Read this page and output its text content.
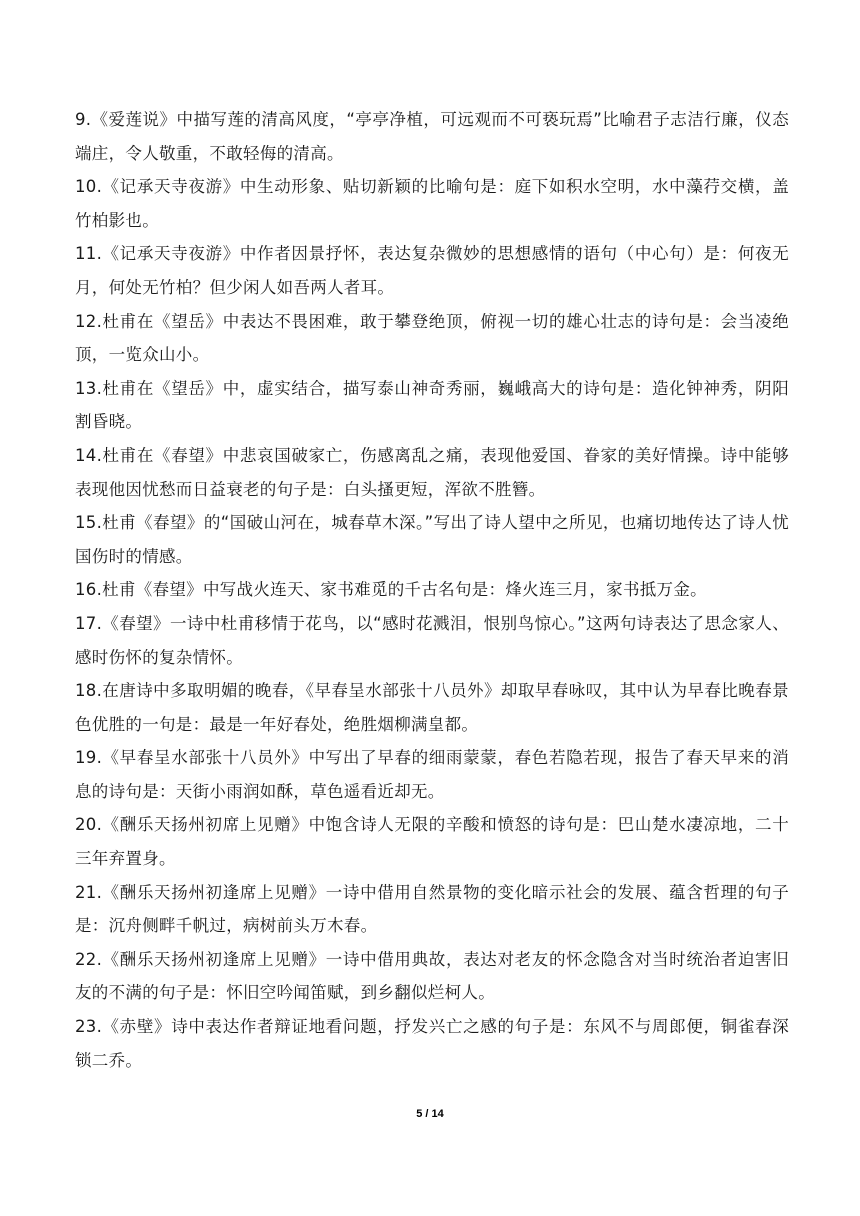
9.《爱莲说》中描写莲的清高风度，“亭亭净植，可远观而不可亵玩焉”比喻君子志洁行廉，仪态端庄，令人敬重，不敢轻侮的清高。

10.《记承天寺夜游》中生动形象、贴切新颖的比喻句是：庭下如积水空明，水中藻荇交横，盖竹柏影也。

11.《记承天寺夜游》中作者因景抒怀，表达复杂微妙的思想感情的语句（中心句）是：何夜无月，何处无竹柏？但少闲人如吾两人者耳。

12.杜甫在《望岳》中表达不畏困难，敢于攀登绝顶，俯视一切的雄心壮志的诗句是：会当凌绝顶，一览众山小。

13.杜甫在《望岳》中，虚实结合，描写泰山神奇秀丽，巍峨高大的诗句是：造化钟神秀，阴阳割昏晓。

14.杜甫在《春望》中悲哀国破家亡，伤感离乱之痛，表现他爱国、眷家的美好情操。诗中能够表现他因忧愁而日益衰老的句子是：白头搔更短，浑欲不胜簪。

15.杜甫《春望》的“国破山河在，城春草木深。”写出了诗人望中之所见，也痛切地传达了诗人忧国伤时的情感。

16.杜甫《春望》中写战火连天、家书难觅的千古名句是：烽火连三月，家书抵万金。

17.《春望》一诗中杜甫移情于花鸟，以“感时花溅泪，恨别鸟惊心。”这两句诗表达了思念家人、感时伤怀的复杂情怀。

18.在唐诗中多取明媚的晚春，《早春呈水部张十八员外》却取早春咏叹，其中认为早春比晚春景色优胜的一句是：最是一年好春处，绝胜烟柳满皇都。

19.《早春呈水部张十八员外》中写出了早春的细雨蒙蒙，春色若隐若现，报告了春天早来的消息的诗句是：天街小雨润如酥，草色遥看近却无。

20.《酬乐天扬州初席上见赠》中饱含诗人无限的辛酸和愤怒的诗句是：巴山楚水凄凉地，二十三年弃置身。

21.《酬乐天扬州初逢席上见赠》一诗中借用自然景物的变化暗示社会的发展、蕴含哲理的句子是：沉舟侧畔千帆过，病树前头万木春。

22.《酬乐天扬州初逢席上见赠》一诗中借用典故，表达对老友的怀念隐含对当时统治者迫害旧友的不满的句子是：怀旧空吟闻笛赋，到乡翻似烂柯人。

23.《赤壁》诗中表达作者辩证地看问题，抒发兴亡之感的句子是：东风不与周郎便，铜雀春深锁二乔。

5 / 14
